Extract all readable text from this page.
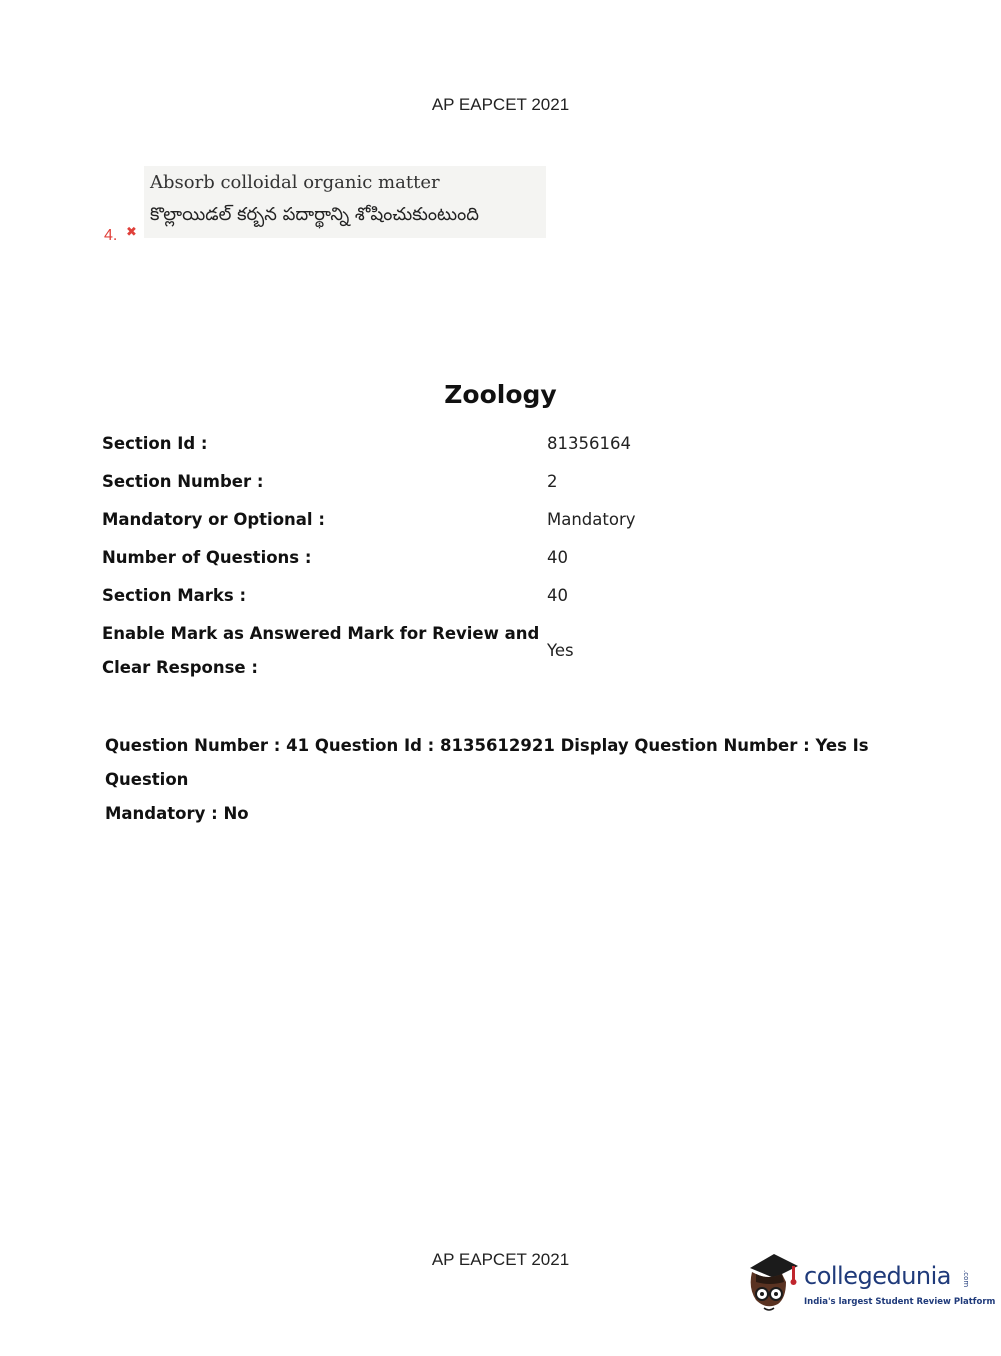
AP EAPCET 2021
4. ✖
Absorb colloidal organic matter
కొల్లాయిడల్ కర్బన పదార్థాన్ని శోషించుకుంటుంది
Zoology
Section Id :	81356164
Section Number :	2
Mandatory or Optional :	Mandatory
Number of Questions :	40
Section Marks :	40

Enable Mark as Answered Mark for Review and
Clear Response :	Yes
Question Number : 41 Question Id : 8135612921 Display Question Number : Yes Is Question
Mandatory : No
AP EAPCET 2021
collegedunia .com
India's largest Student Review Platform
